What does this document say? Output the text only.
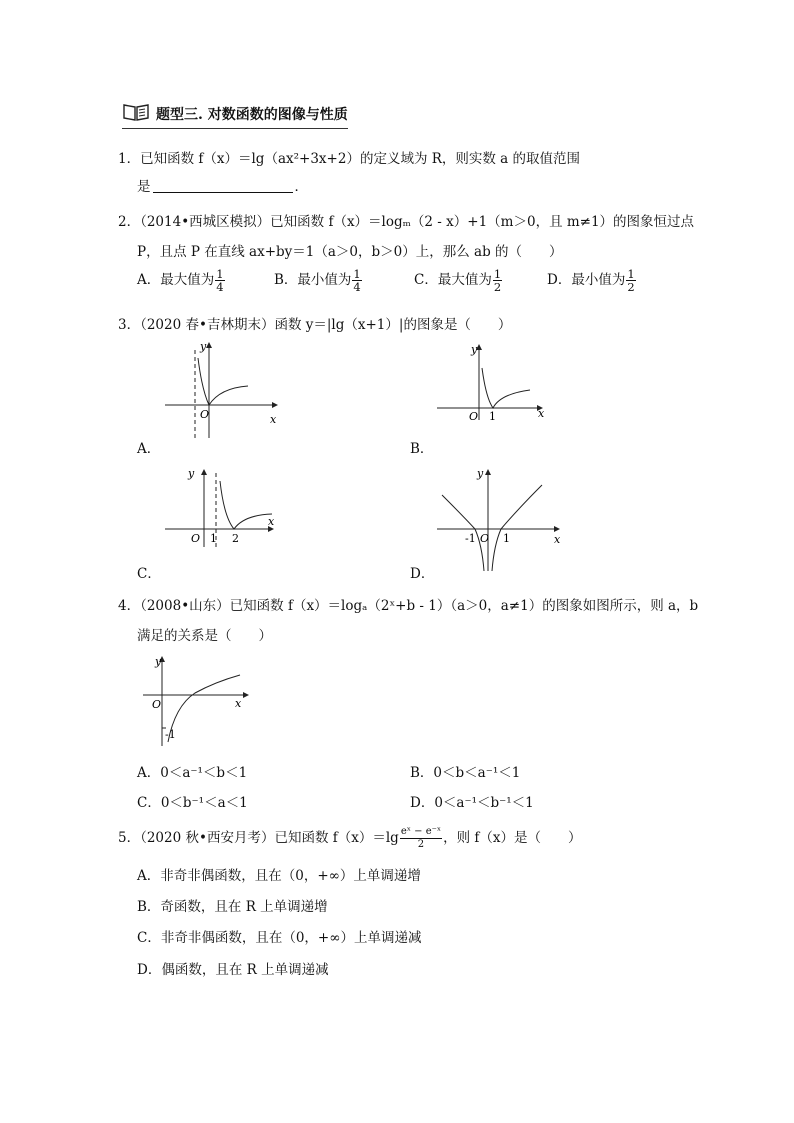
题型三. 对数函数的图像与性质
1．已知函数 f（x）＝lg（ax²+3x+2）的定义域为 R，则实数 a 的取值范围
是	．
2．（2014•西城区模拟）已知函数 f（x）＝logₘ（2 - x）+1（m＞0，且 m≠1）的图象恒过点
P，且点 P 在直线 ax+by＝1（a＞0，b＞0）上，那么 ab 的（　　）
A．最大值为 $\frac{1}{4}$	B．最小值为 $\frac{1}{4}$	C．最大值为 $\frac{1}{2}$	D．最小值为 $\frac{1}{2}$
3．（2020 春•吉林期末）函数 y＝|lg（x+1）|的图象是（　　）
x
y
O
A．
x
y
O 1
B．
x
y
O 1 2
C．
x
y
O
-1 1
D．
4．（2008•山东）已知函数 f（x）＝logₐ（2ˣ+b - 1）（a＞0，a≠1）的图象如图所示，则 a，b
满足的关系是（　　）
x
y
O
-1
A．0＜a⁻¹＜b＜1	B．0＜b＜a⁻¹＜1
C．0＜b⁻¹＜a＜1	D．0＜a⁻¹＜b⁻¹＜1
5．（2020 秋•西安月考）已知函数 $f(x)=\lg \frac{\text{eˣ − e⁻ˣ}}{2}$ ，则 f（x）是（　　）
A．非奇非偶函数，且在（0，+∞）上单调递增
B．奇函数，且在 R 上单调递增
C．非奇非偶函数，且在（0，+∞）上单调递减
D．偶函数，且在 R 上单调递减
